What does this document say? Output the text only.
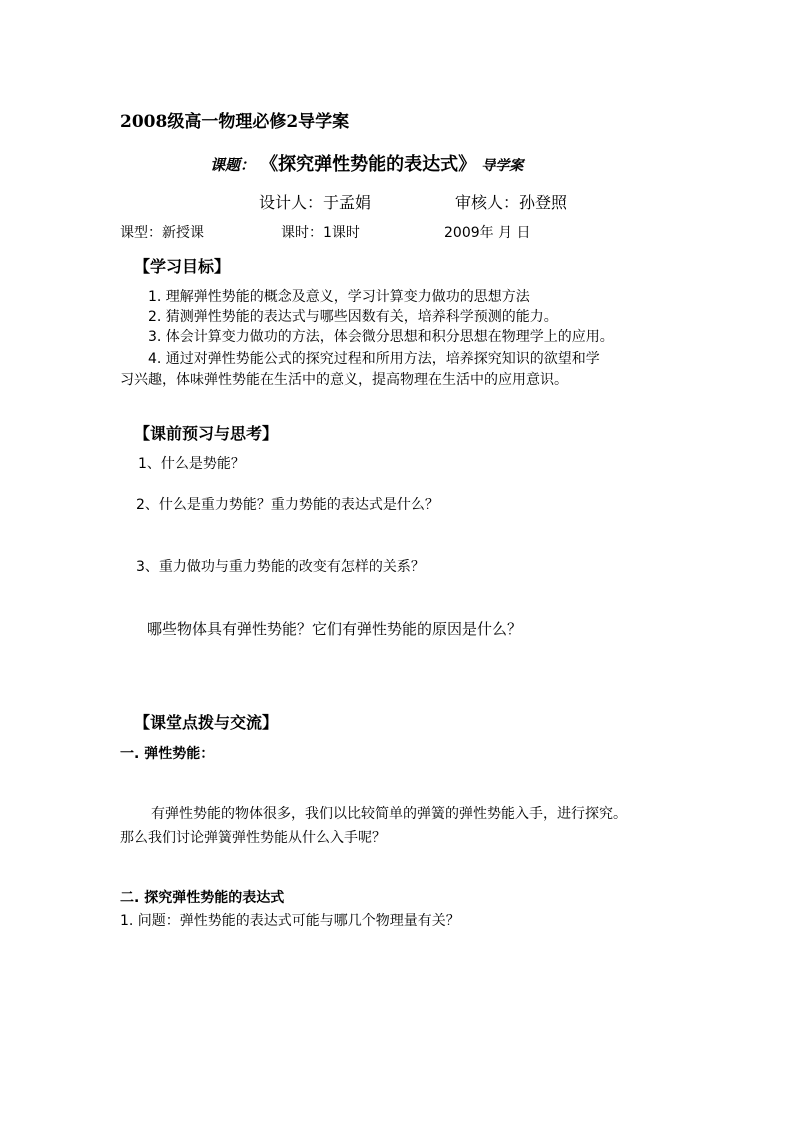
2008级高一物理必修2导学案
课题： 《探究弹性势能的表达式》 导学案
设计人：于孟娟	审核人：孙登照
课型：新授课	课时：1课时	2009年 月 日
【学习目标】
1. 理解弹性势能的概念及意义，学习计算变力做功的思想方法
2. 猜测弹性势能的表达式与哪些因数有关，培养科学预测的能力。
3. 体会计算变力做功的方法，体会微分思想和积分思想在物理学上的应用。
4. 通过对弹性势能公式的探究过程和所用方法，培养探究知识的欲望和学
习兴趣，体味弹性势能在生活中的意义，提高物理在生活中的应用意识。
【课前预习与思考】
1、什么是势能？
2、什么是重力势能？重力势能的表达式是什么？
3、重力做功与重力势能的改变有怎样的关系？
哪些物体具有弹性势能？它们有弹性势能的原因是什么？
【课堂点拨与交流】
一. 弹性势能：
有弹性势能的物体很多，我们以比较简单的弹簧的弹性势能入手，进行探究。
那么我们讨论弹簧弹性势能从什么入手呢？
二. 探究弹性势能的表达式
1. 问题：弹性势能的表达式可能与哪几个物理量有关？
